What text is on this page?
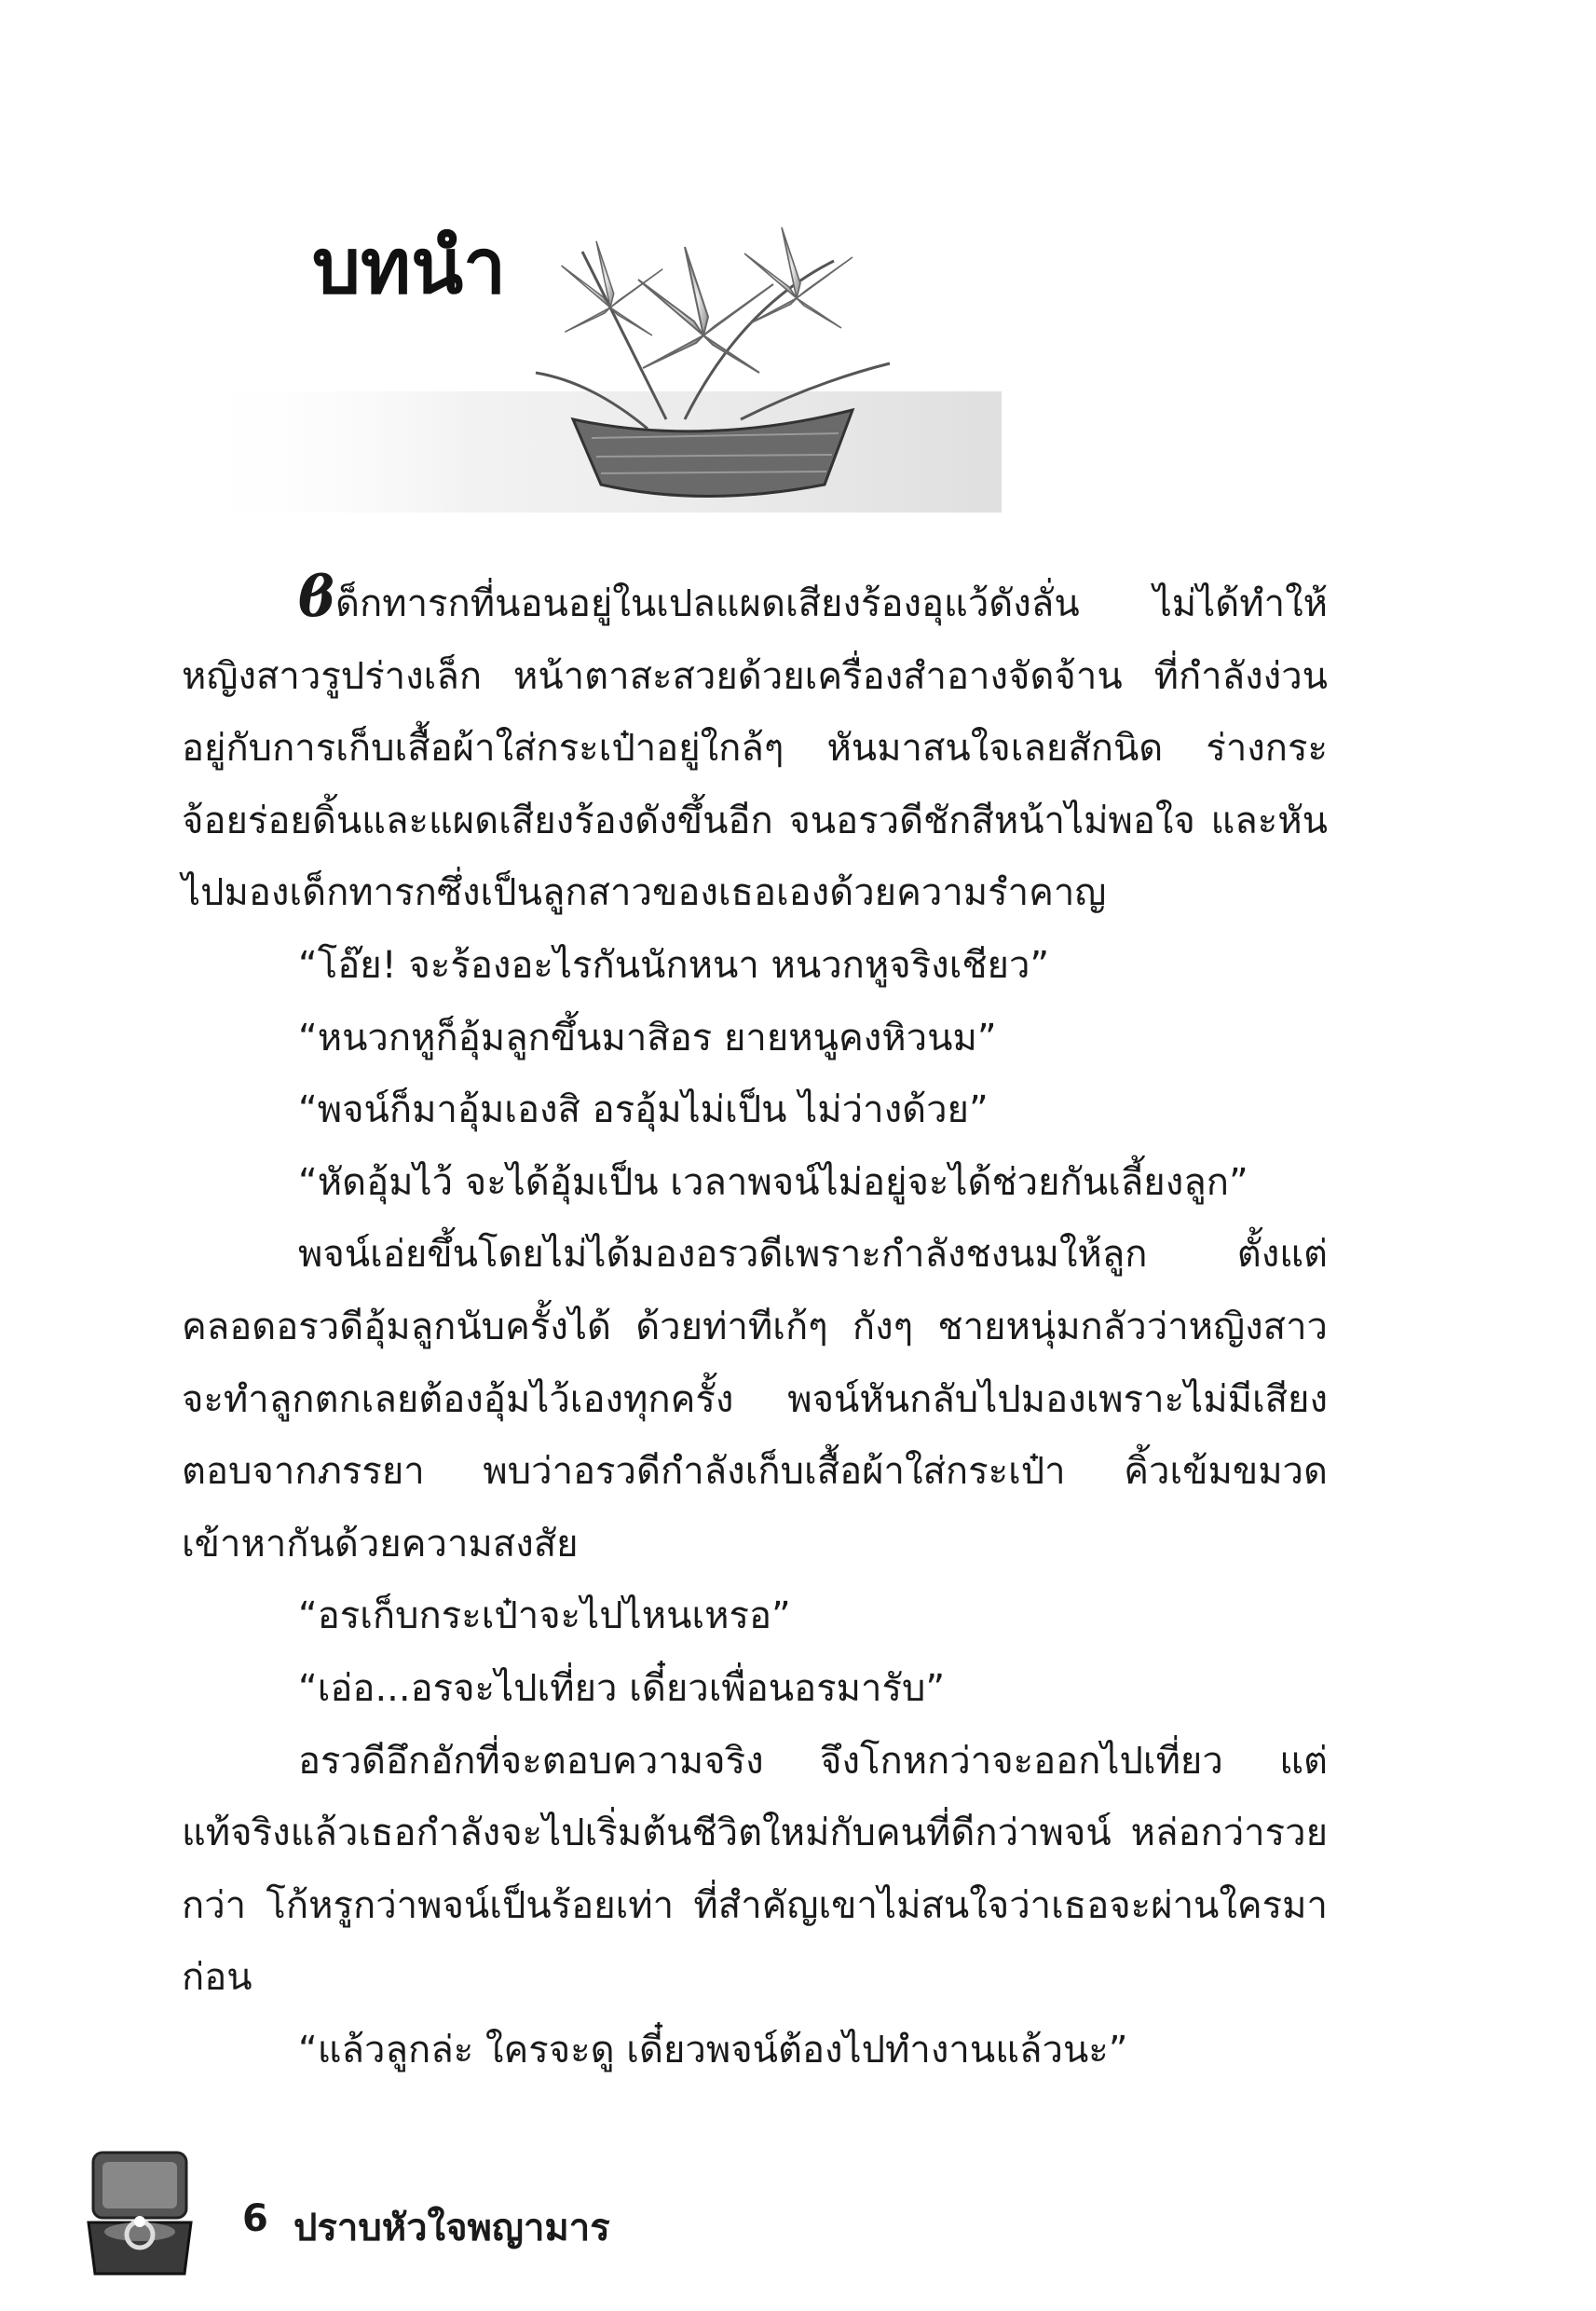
บทนำ

ϐด็กทารกที่นอนอยู่ในเปลแผดเสียงร้องอุแว้ดังลั่น ไม่ได้ทำให้หญิงสาวรูปร่างเล็ก หน้าตาสะสวยด้วยเครื่องสำอางจัดจ้าน ที่กำลังง่วนอยู่กับการเก็บเสื้อผ้าใส่กระเป๋าอยู่ใกล้ๆ หันมาสนใจเลยสักนิด ร่างกระจ้อยร่อยดิ้นและแผดเสียงร้องดังขึ้นอีก จนอรวดีชักสีหน้าไม่พอใจ และหันไปมองเด็กทารกซึ่งเป็นลูกสาวของเธอเองด้วยความรำคาญ

“โอ๊ย! จะร้องอะไรกันนักหนา หนวกหูจริงเชียว”

“หนวกหูก็อุ้มลูกขึ้นมาสิอร ยายหนูคงหิวนม”

“พจน์ก็มาอุ้มเองสิ อรอุ้มไม่เป็น ไม่ว่างด้วย”

“หัดอุ้มไว้ จะได้อุ้มเป็น เวลาพจน์ไม่อยู่จะได้ช่วยกันเลี้ยงลูก”

พจน์เอ่ยขึ้นโดยไม่ได้มองอรวดีเพราะกำลังชงนมให้ลูก ตั้งแต่คลอดอรวดีอุ้มลูกนับครั้งได้ ด้วยท่าทีเก้ๆ กังๆ ชายหนุ่มกลัวว่าหญิงสาวจะทำลูกตกเลยต้องอุ้มไว้เองทุกครั้ง พจน์หันกลับไปมองเพราะไม่มีเสียงตอบจากภรรยา พบว่าอรวดีกำลังเก็บเสื้อผ้าใส่กระเป๋า คิ้วเข้มขมวดเข้าหากันด้วยความสงสัย

“อรเก็บกระเป๋าจะไปไหนเหรอ”

“เอ่อ...อรจะไปเที่ยว เดี๋ยวเพื่อนอรมารับ”

อรวดีอึกอักที่จะตอบความจริง จึงโกหกว่าจะออกไปเที่ยว แต่แท้จริงแล้วเธอกำลังจะไปเริ่มต้นชีวิตใหม่กับคนที่ดีกว่าพจน์ หล่อกว่ารวยกว่า โก้หรูกว่าพจน์เป็นร้อยเท่า ที่สำคัญเขาไม่สนใจว่าเธอจะผ่านใครมาก่อน

“แล้วลูกล่ะ ใครจะดู เดี๋ยวพจน์ต้องไปทำงานแล้วนะ”

6 ปราบหัวใจพญามาร
